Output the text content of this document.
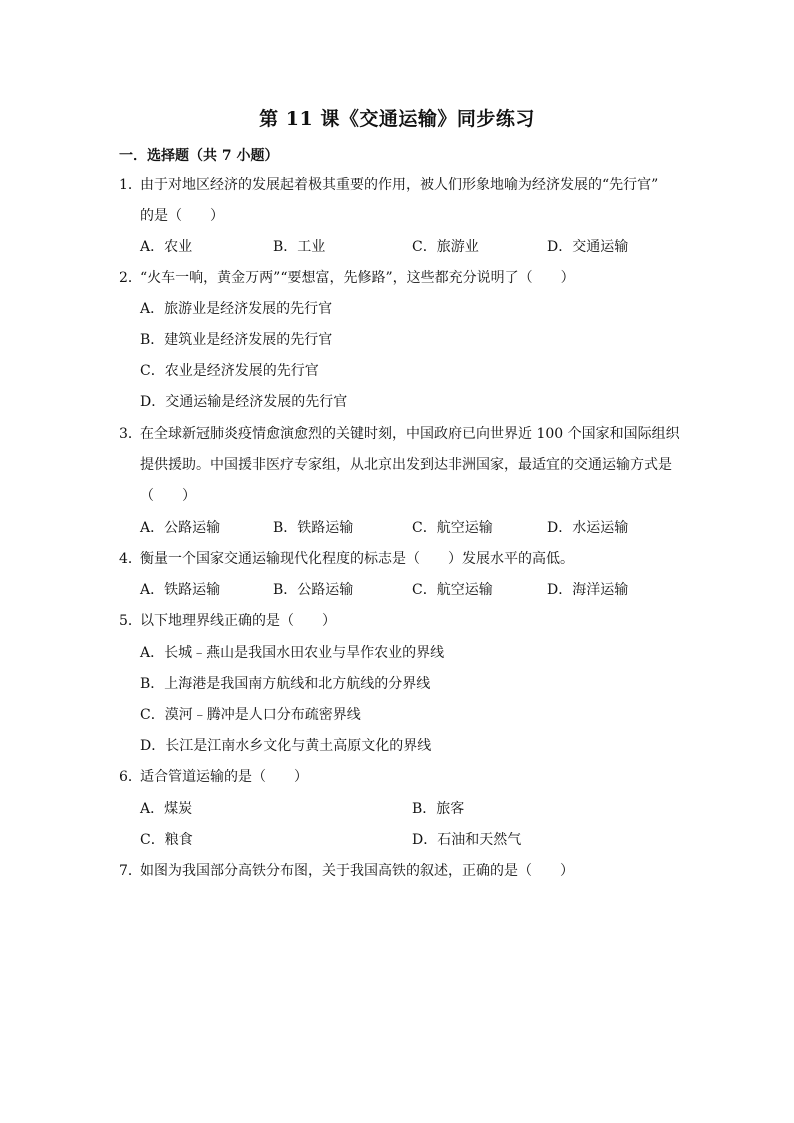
第 11 课《交通运输》同步练习
一．选择题（共 7 小题）
1．
由于对地区经济的发展起着极其重要的作用，被人们形象地喻为经济发展的“先行官”
的是（　　）
A．农业	B．工业	C．旅游业	D．交通运输
2．
“火车一响，黄金万两”“要想富，先修路”，这些都充分说明了（　　）
A．旅游业是经济发展的先行官
B．建筑业是经济发展的先行官
C．农业是经济发展的先行官
D．交通运输是经济发展的先行官
3．
在全球新冠肺炎疫情愈演愈烈的关键时刻，中国政府已向世界近 100 个国家和国际组织
提供援助。中国援非医疗专家组，从北京出发到达非洲国家，最适宜的交通运输方式是
（　　）
A．公路运输	B．铁路运输	C．航空运输	D．水运运输
4．
衡量一个国家交通运输现代化程度的标志是（　　）发展水平的高低。
A．铁路运输	B．公路运输	C．航空运输	D．海洋运输
5．
以下地理界线正确的是（　　）
A．长城﹣燕山是我国水田农业与旱作农业的界线
B．上海港是我国南方航线和北方航线的分界线
C．漠河﹣腾冲是人口分布疏密界线
D．长江是江南水乡文化与黄土高原文化的界线
6．
适合管道运输的是（　　）
A．煤炭	B．旅客
C．粮食	D．石油和天然气
7．
如图为我国部分高铁分布图，关于我国高铁的叙述，正确的是（　　）
